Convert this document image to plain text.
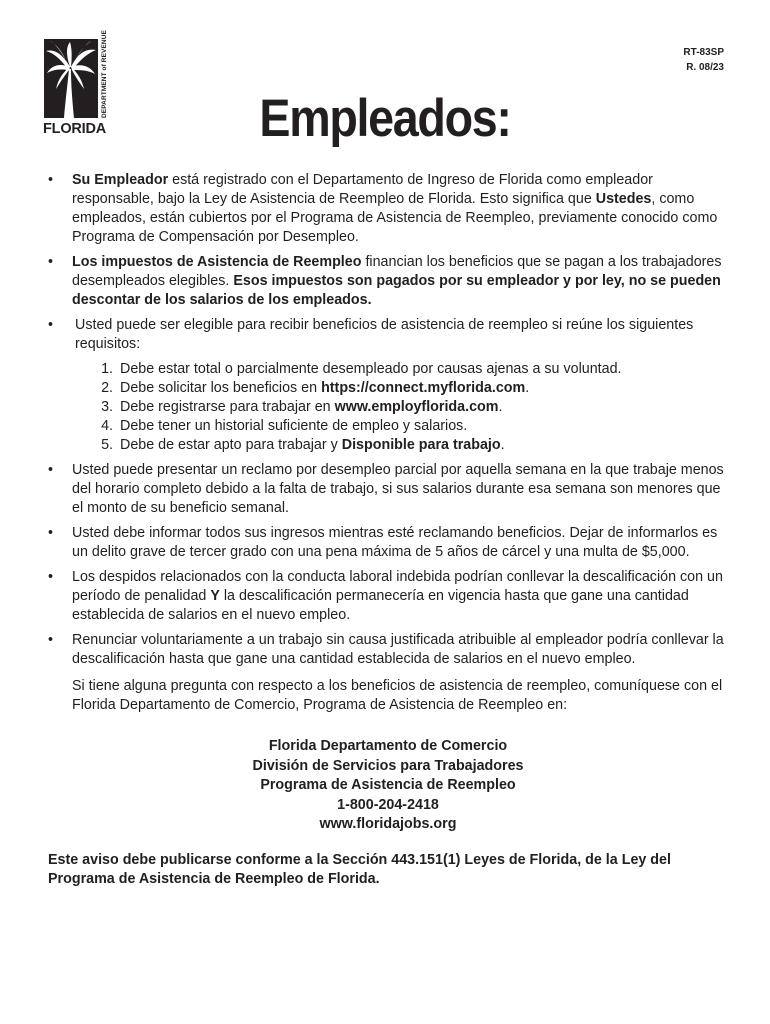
DEPARTMENT of REVENUE
FLORIDA
RT-83SP
R. 08/23
Empleados:
• Su Empleador está registrado con el Departamento de Ingreso de Florida como empleador responsable, bajo la Ley de Asistencia de Reempleo de Florida. Esto significa que Ustedes, como empleados, están cubiertos por el Programa de Asistencia de Reempleo, previamente conocido como Programa de Compensación por Desempleo.
• Los impuestos de Asistencia de Reempleo financian los beneficios que se pagan a los trabajadores desempleados elegibles. Esos impuestos son pagados por su empleador y por ley, no se pueden descontar de los salarios de los empleados.
• Usted puede ser elegible para recibir beneficios de asistencia de reempleo si reúne los siguientes requisitos:
1. Debe estar total o parcialmente desempleado por causas ajenas a su voluntad.
2. Debe solicitar los beneficios en https://connect.myflorida.com.
3. Debe registrarse para trabajar en www.employflorida.com.
4. Debe tener un historial suficiente de empleo y salarios.
5. Debe de estar apto para trabajar y Disponible para trabajo.
• Usted puede presentar un reclamo por desempleo parcial por aquella semana en la que trabaje menos del horario completo debido a la falta de trabajo, si sus salarios durante esa semana son menores que el monto de su beneficio semanal.
• Usted debe informar todos sus ingresos mientras esté reclamando beneficios. Dejar de informarlos es un delito grave de tercer grado con una pena máxima de 5 años de cárcel y una multa de $5,000.
• Los despidos relacionados con la conducta laboral indebida podrían conllevar la descalificación con un período de penalidad Y la descalificación permanecería en vigencia hasta que gane una cantidad establecida de salarios en el nuevo empleo.
• Renunciar voluntariamente a un trabajo sin causa justificada atribuible al empleador podría conllevar la descalificación hasta que gane una cantidad establecida de salarios en el nuevo empleo.
Si tiene alguna pregunta con respecto a los beneficios de asistencia de reempleo, comuníquese con el Florida Departamento de Comercio, Programa de Asistencia de Reempleo en:
Florida Departamento de Comercio
División de Servicios para Trabajadores
Programa de Asistencia de Reempleo
1-800-204-2418
www.floridajobs.org
Este aviso debe publicarse conforme a la Sección 443.151(1) Leyes de Florida, de la Ley del Programa de Asistencia de Reempleo de Florida.
